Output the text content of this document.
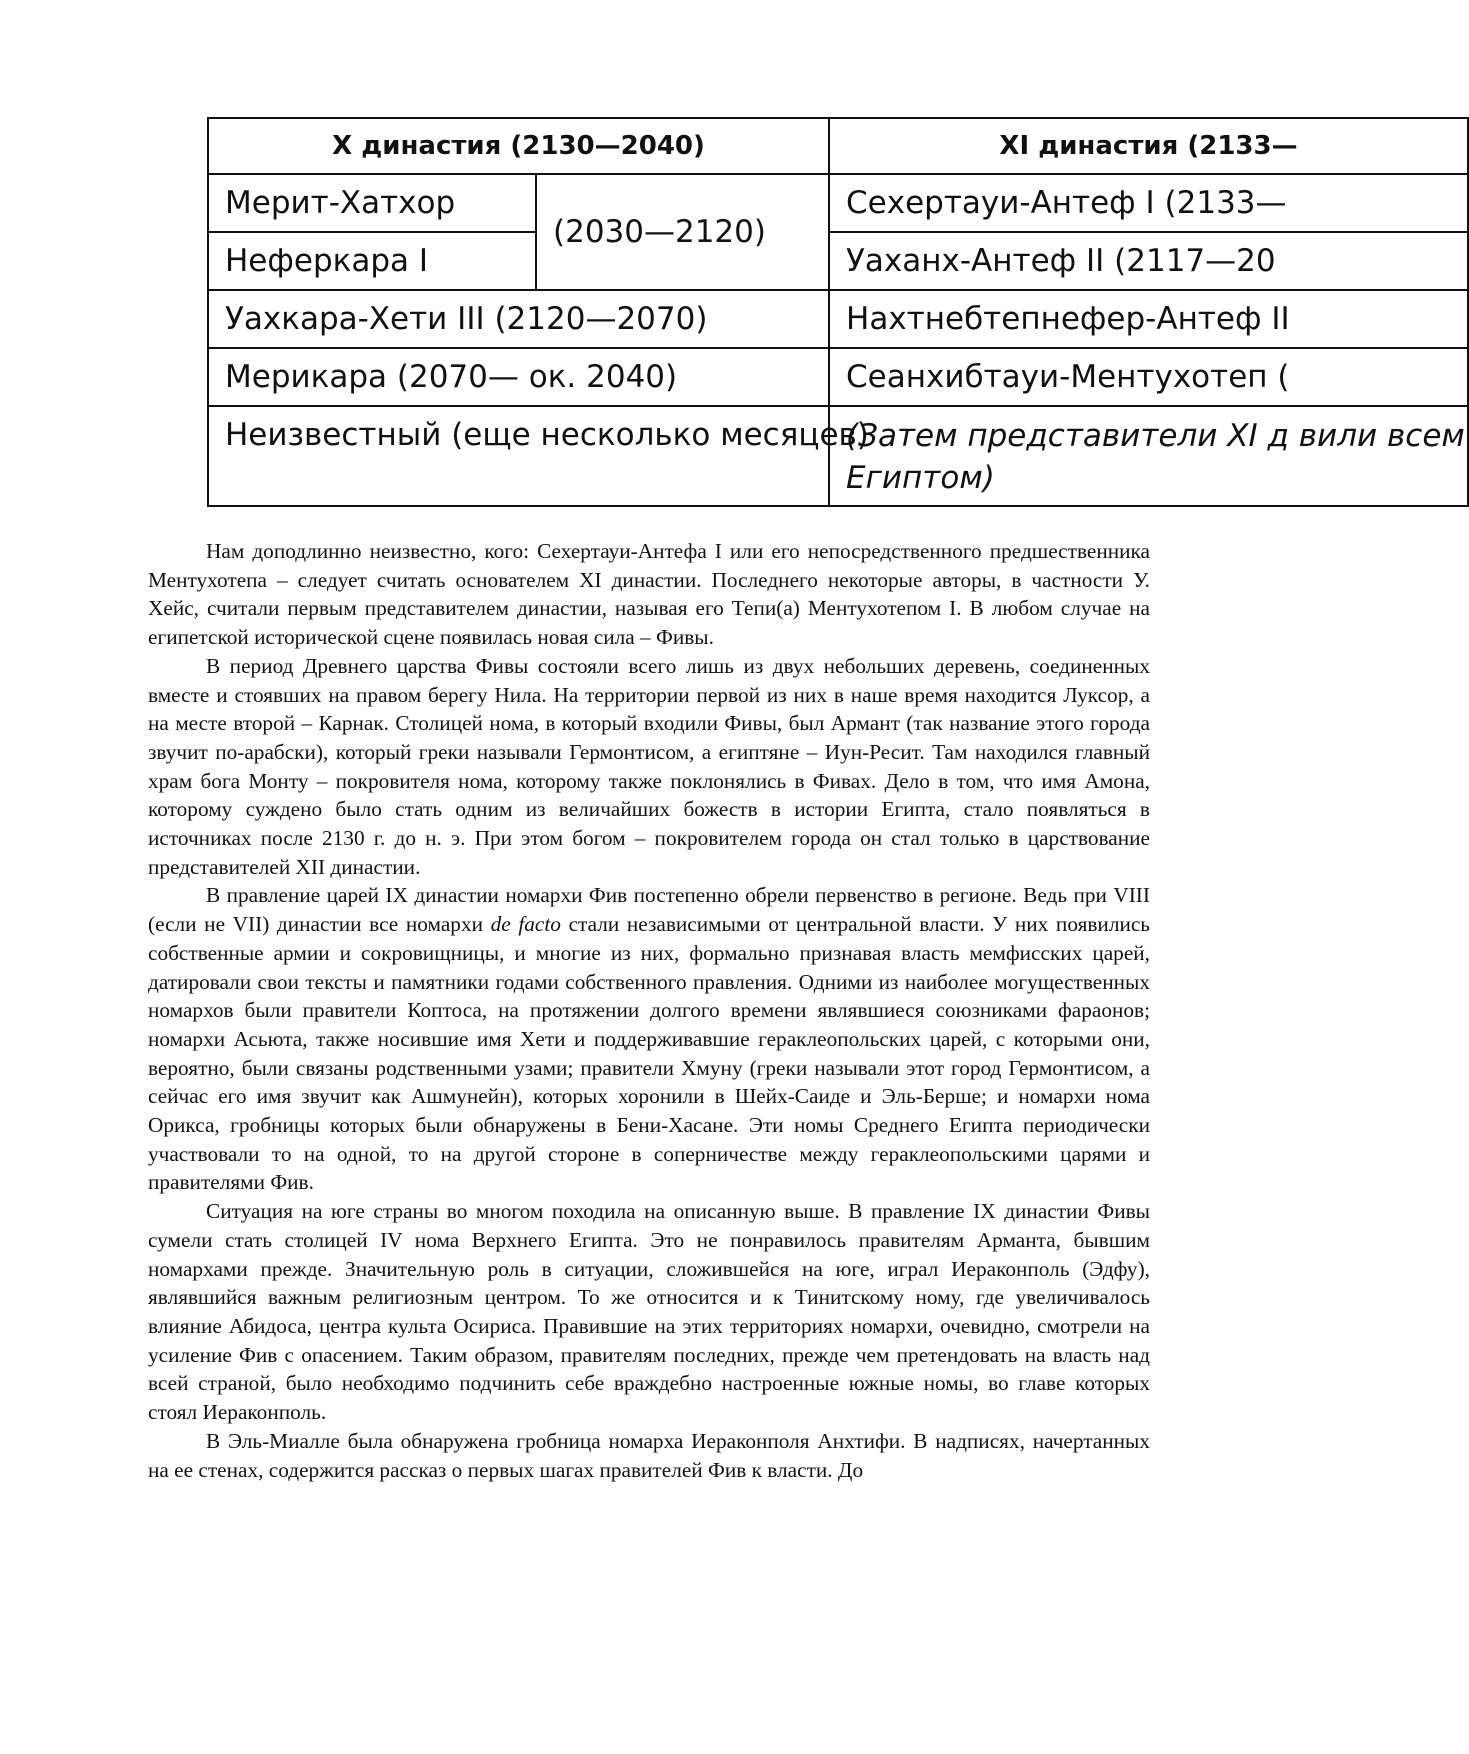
X династия (2130—2040)		XI династия (2133—
Мерит-Хатхор	(2030—2120)	Сехертауи-Антеф I (2133—
Неферкара I		Уаханх-Антеф II (2117—20
Уахкара-Хети III (2120—2070)		Нахтнебтепнефер-Антеф II
Мерикара (2070— ок. 2040)		Сеанхибтауи-Ментухотеп (
Неизвестный (еще несколько месяцев)		(Затем представители XI д вили всем Египтом)

Нам доподлинно неизвестно, кого: Сехертауи-Антефа I или его непосредственного предшественника Ментухотепа – следует считать основателем XI династии. Последнего некоторые авторы, в частности У. Хейс, считали первым представителем династии, называя его Тепи(а) Ментухотепом I. В любом случае на египетской исторической сцене появилась новая сила – Фивы.

В период Древнего царства Фивы состояли всего лишь из двух небольших деревень, соединенных вместе и стоявших на правом берегу Нила. На территории первой из них в наше время находится Луксор, а на месте второй – Карнак. Столицей нома, в который входили Фивы, был Армант (так название этого города звучит по-арабски), который греки называли Гермонтисом, а египтяне – Иун-Ресит. Там находился главный храм бога Монту – покровителя нома, которому также поклонялись в Фивах. Дело в том, что имя Амона, которому суждено было стать одним из величайших божеств в истории Египта, стало появляться в источниках после 2130 г. до н. э. При этом богом – покровителем города он стал только в царствование представителей XII династии.

В правление царей IX династии номархи Фив постепенно обрели первенство в регионе. Ведь при VIII (если не VII) династии все номархи de facto стали независимыми от центральной власти. У них появились собственные армии и сокровищницы, и многие из них, формально признавая власть мемфисских царей, датировали свои тексты и памятники годами собственного правления. Одними из наиболее могущественных номархов были правители Коптоса, на протяжении долгого времени являвшиеся союзниками фараонов; номархи Асьюта, также носившие имя Хети и поддерживавшие гераклеопольских царей, с которыми они, вероятно, были связаны родственными узами; правители Хмуну (греки называли этот город Гермонтисом, а сейчас его имя звучит как Ашмунейн), которых хоронили в Шейх-Саиде и Эль-Берше; и номархи нома Орикса, гробницы которых были обнаружены в Бени-Хасане. Эти номы Среднего Египта периодически участвовали то на одной, то на другой стороне в соперничестве между гераклеопольскими царями и правителями Фив.

Ситуация на юге страны во многом походила на описанную выше. В правление IX династии Фивы сумели стать столицей IV нома Верхнего Египта. Это не понравилось правителям Арманта, бывшим номархами прежде. Значительную роль в ситуации, сложившейся на юге, играл Иераконполь (Эдфу), являвшийся важным религиозным центром. То же относится и к Тинитскому ному, где увеличивалось влияние Абидоса, центра культа Осириса. Правившие на этих территориях номархи, очевидно, смотрели на усиление Фив с опасением. Таким образом, правителям последних, прежде чем претендовать на власть над всей страной, было необходимо подчинить себе враждебно настроенные южные номы, во главе которых стоял Иераконполь.

В Эль-Миалле была обнаружена гробница номарха Иераконполя Анхтифи. В надписях, начертанных на ее стенах, содержится рассказ о первых шагах правителей Фив к власти. До
